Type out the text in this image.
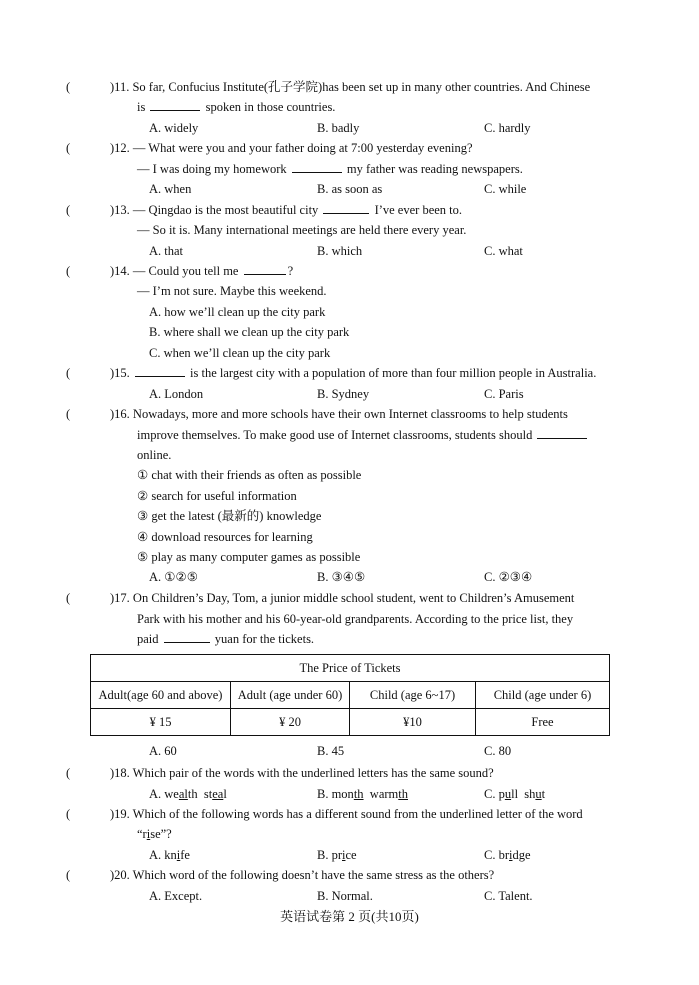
(	)11. So far, Confucius Institute(孔子学院)has been set up in many other countries. And Chinese
is	spoken in those countries.
A. widely	B. badly	C. hardly
(	)12. — What were you and your father doing at 7:00 yesterday evening?
— I was doing my homework	my father was reading newspapers.
A. when	B. as soon as	C. while
(	)13. — Qingdao is the most beautiful city	I’ve ever been to.
— So it is. Many international meetings are held there every year.
A. that	B. which	C. what
(	)14. — Could you tell me	?
— I’m not sure. Maybe this weekend.
A. how we’ll clean up the city park
B. where shall we clean up the city park
C. when we’ll clean up the city park
(	)15.	is the largest city with a population of more than four million people in Australia.
A. London	B. Sydney	C. Paris
(	)16. Nowadays, more and more schools have their own Internet classrooms to help students
improve themselves. To make good use of Internet classrooms, students should
online.
① chat with their friends as often as possible
② search for useful information
③ get the latest (最新的) knowledge
④ download resources for learning
⑤ play as many computer games as possible
A. ①②⑤	B. ③④⑤	C. ②③④
(	)17. On Children’s Day, Tom, a junior middle school student, went to Children’s Amusement
Park with his mother and his 60-year-old grandparents. According to the price list, they
paid	yuan for the tickets.
The Price of Tickets			
Adult(age 60 and above)	Adult (age under 60)	Child (age 6~17)	Child (age under 6)
¥ 15	¥ 20	¥10	Free
A. 60	B. 45	C. 80
(	)18. Which pair of the words with the underlined letters has the same sound?
A. wealth  steal	B. month  warmth	C. pull  shut
(	)19. Which of the following words has a different sound from the underlined letter of the word
“rise”?
A. knife	B. price	C. bridge
(	)20. Which word of the following doesn’t have the same stress as the others?
A. Except.	B. Normal.	C. Talent.
英语试卷第 2 页(共10页)
